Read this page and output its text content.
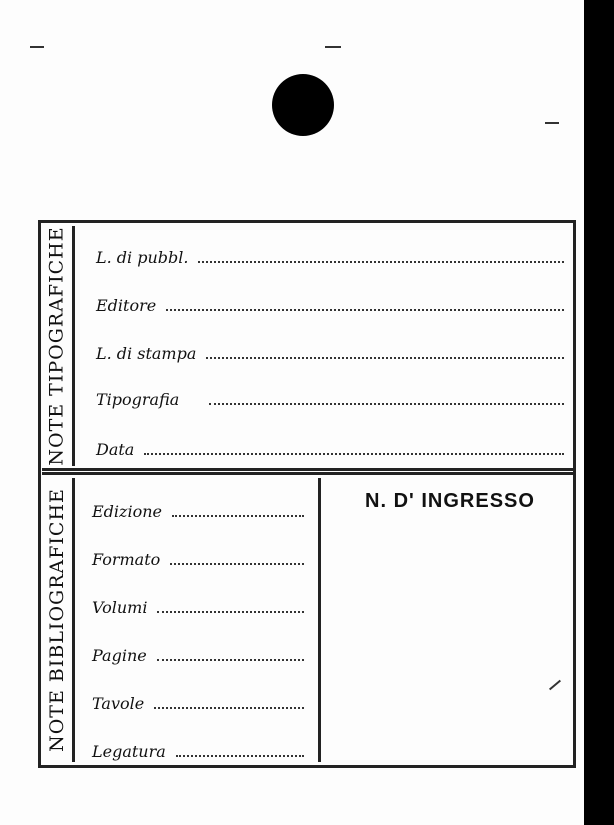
NOTE TIPOGRAFICHE L. di pubbl.
Editore
L. di stampa
Tipografia
Data
NOTE BIBLIOGRAFICHE Edizione
Formato
Volumi
Pagine
Tavole
Legatura
N. D' INGRESSO
